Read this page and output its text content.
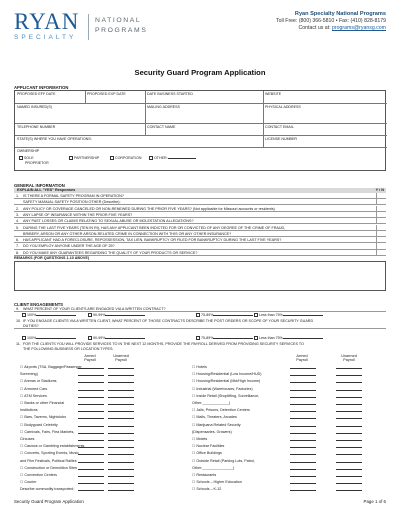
RYAN
SPECIALTY
NATIONAL
PROGRAMS
Ryan Specialty National Programs
Toll Free: (800) 366-5810 • Fax: (410) 828-8179
Contact us at: programs@ryansg.com
Security Guard Program Application
APPLICANT INFORMATION
PROPOSED EFF DATE	PROPOSED EXP DATE	DATE BUSINESS STARTED	WEBSITE
NAMED INSURED(S)	MAILING ADDRESS	PHYSICAL ADDRESS
TELEPHONE NUMBER	CONTACT NAME	CONTACT EMAIL
STATE(S) WHERE YOU HAVE OPERATIONS:	LICENSE NUMBER
OWNERSHIP
SOLE
PROPRIETOR
PARTNERSHIP	CORPORATION	OTHER:
GENERAL INFORMATION
EXPLAIN ALL "YES" Responses	Y / N
1. IS THERE A FORMAL SAFETY PROGRAM IN OPERATION?
SAFETY MANUAL SAFETY POSITION OTHER (Describe):
2. ANY POLICY OR COVERAGE CANCELED OR NON-RENEWED DURING THE PRIOR FIVE YEARS? (Not applicable for Missouri accounts or residents)
3. ANY LAPSE OF INSURANCE WITHIN THE PRIOR FIVE YEARS?
4. ANY PAST LOSSES OR CLAIMS RELATING TO SEXUAL ABUSE OR MOLESTATION ALLEGATIONS?
5. DURING THE LAST FIVE YEARS (TEN IN RI), HAS ANY APPLICANT BEEN INDICTED FOR OR CONVICTED OF ANY DEGREE OF THE CRIME OF FRAUD,
BRIBERY, ARSON OR ANY OTHER ARSON-RELATED CRIME IN CONNECTION WITH THIS OR ANY OTHER INSURANCE?
6. HAS APPLICANT HAD A FORECLOSURE, REPOSSESSION, TAX LIEN, BANKRUPTCY OR FILED FOR BANKRUPTCY DURING THE LAST FIVE YEARS?
7. DO YOU EMPLOY ANYONE UNDER THE AGE OF 25?
8. DO YOU MAKE ANY GUARANTEES REGARDING THE QUALITY OF YOUR PRODUCTS OR SERVICE?
REMARKS (FOR QUESTIONS 1-10 ABOVE)
CLIENT ENGAGEMENTS
9. WHAT PERCENT OF YOUR CLIENTS ARE ENGAGED VIA A WRITTEN CONTRACT?
100%	90-99%	75-89%	Less than 75%
10. IF YOU ENGAGE CLIENTS VIA A WRITTEN CLIENT, WHAT PERCENT OF THOSE CONTRACTS DESCRIBE THE POST ORDERS OR SCOPE OF YOUR SECURITY GUARD
DUTIES?
100%	90-99%	75-89%	Less than 75%
11. FOR THE CLIENTS YOU WILL PROVIDE SERVICES TO IN THE NEXT 12 MONTHS, PROVIDE THE PAYROLL DERIVED FROM PROVIDING SECURITY SERVICES TO
THE FOLLOWING BUSINESS OR LOCATION TYPES.
Armed
Payroll
Unarmed
Payroll
Armed
Payroll
Unarmed
Payroll
☐ Airports (TSA, Baggage/Passenger
Screening)
☐ Arenas or Stadiums
☐ Armored Cars
☐ ATM Services
☐ Banks or other Financial
Institutions
☐ Bars, Taverns, Nightclubs
☐ Bodyguard Celebrity
☐ Carnivals, Fairs, Flea Markets,
Circuses
☐ Casinos or Gambling establishments
☐ Concerts, Sporting Events, Music
and Film Festivals, Political Rallies
☐ Construction or Demolition Sites
☐ Convention Centers
☐ Courier
Describe commodity transported:
☐ Hotels
☐ Housing/Residential (Low Income/HUD)
☐ Housing/Residential (Mid/High Income)
☐ Industrial (Warehouses, Factories)
☐ Inside Retail (Shoplifting, Surveillance,
Other:_____________)
☐ Jails, Prisons, Detention Centers
☐ Malls, Theaters, Arcades
☐ Marijuana Related Security
(Dispensaries, Growers)
☐ Motels
☐ Nuclear Facilities
☐ Office Buildings
☐ Outside Retail (Parking Lots, Patrol,
Other:_______________)
☐ Restaurants
☐ Schools – Higher Education
☐ Schools – K-12
Security Guard Program Application	Page 1 of 6
